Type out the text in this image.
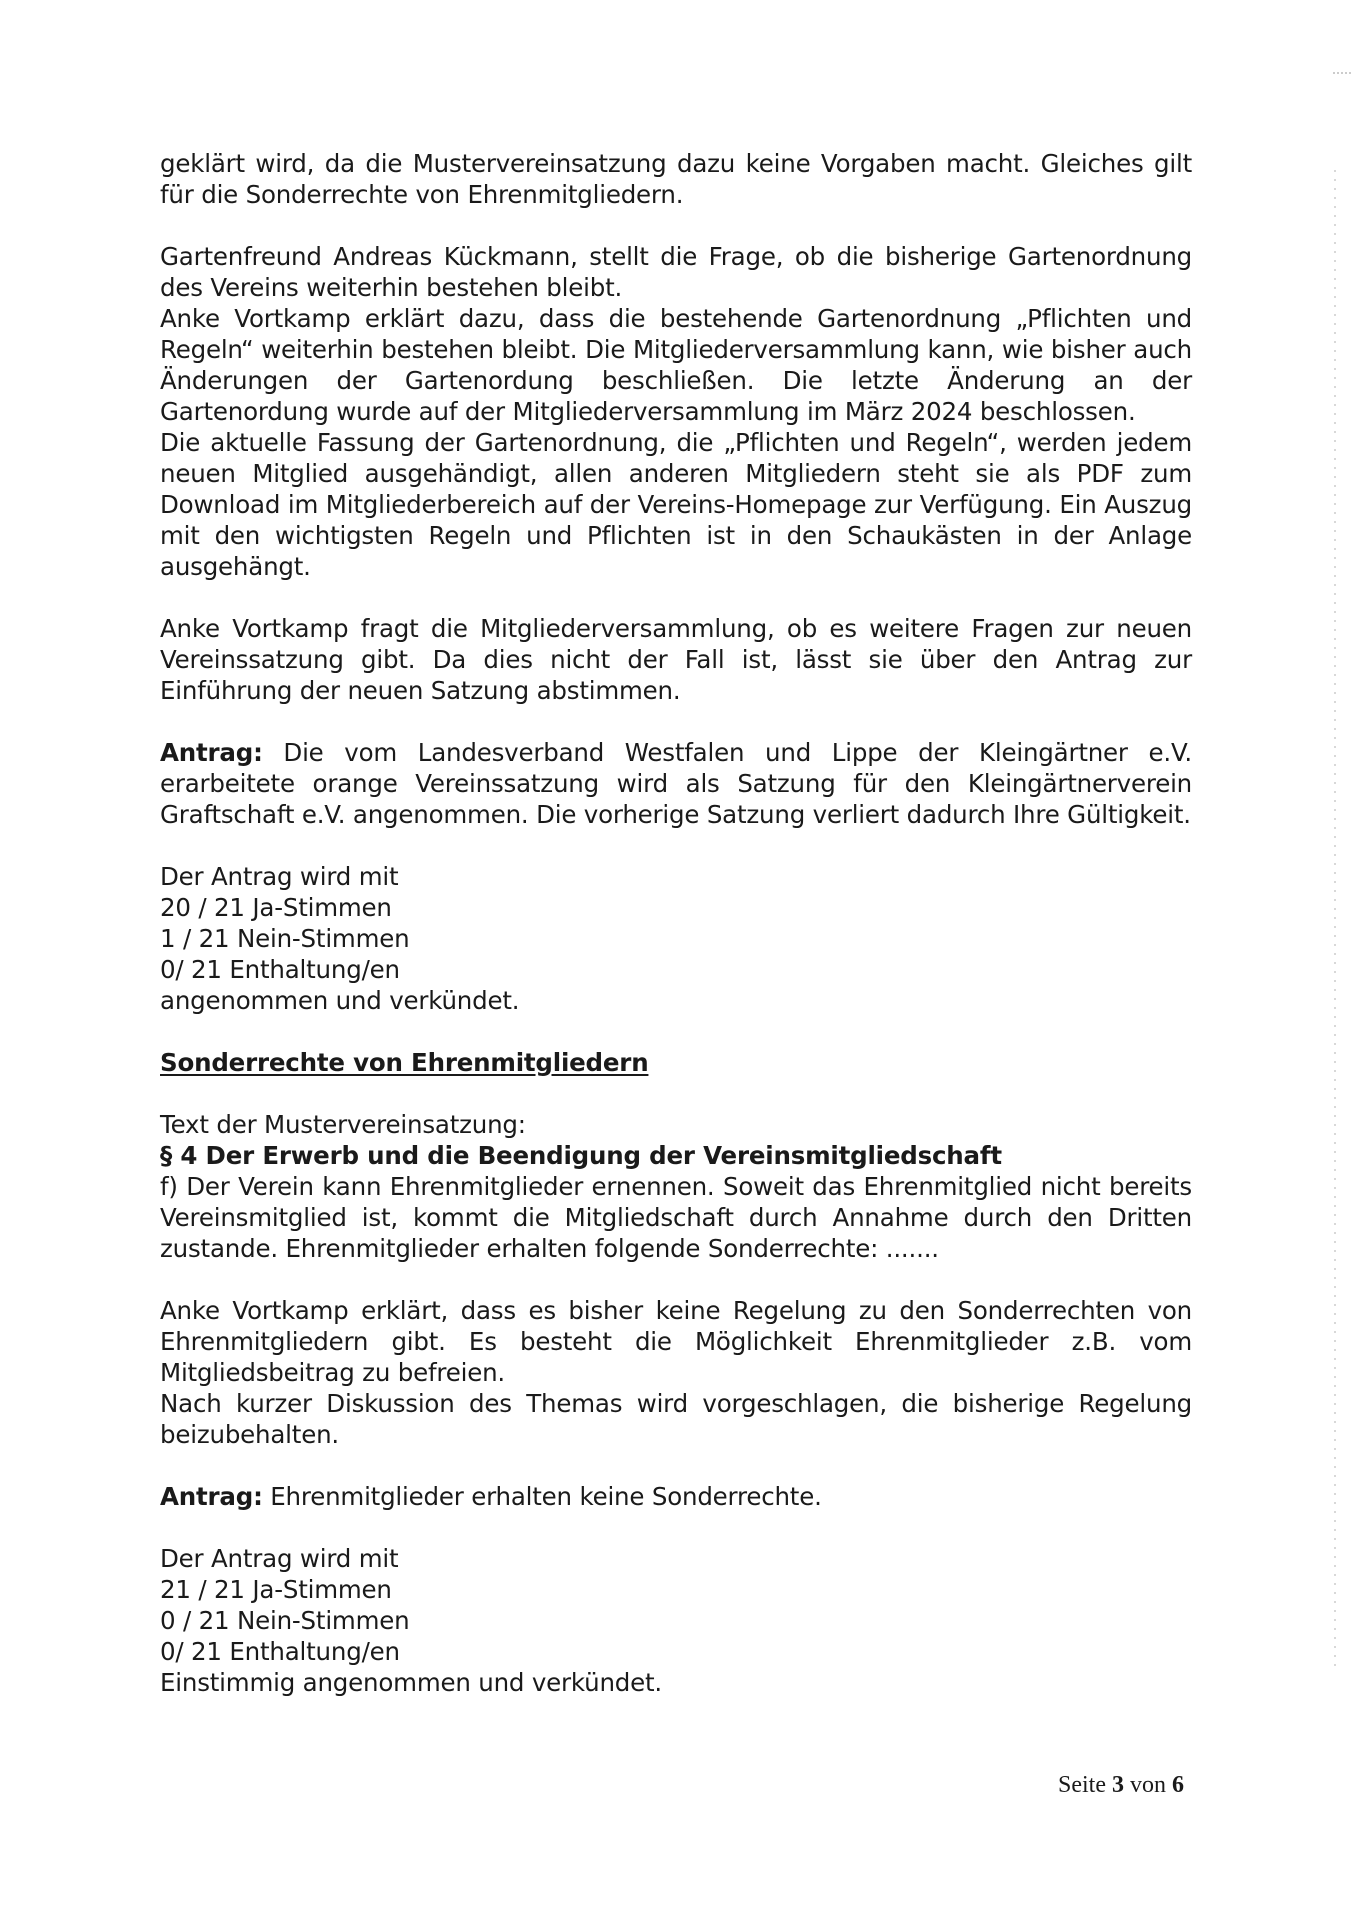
geklärt wird, da die Mustervereinsatzung dazu keine Vorgaben macht. Gleiches gilt für die Sonderrechte von Ehrenmitgliedern.

Gartenfreund Andreas Kückmann, stellt die Frage, ob die bisherige Gartenordnung des Vereins weiterhin bestehen bleibt.

Anke Vortkamp erklärt dazu, dass die bestehende Gartenordnung „Pflichten und Regeln“ weiterhin bestehen bleibt. Die Mitgliederversammlung kann, wie bisher auch Änderungen der Gartenordung beschließen. Die letzte Änderung an der Gartenordung wurde auf der Mitgliederversammlung im März 2024 beschlossen.

Die aktuelle Fassung der Gartenordnung, die „Pflichten und Regeln“, werden jedem neuen Mitglied ausgehändigt, allen anderen Mitgliedern steht sie als PDF zum Download im Mitgliederbereich auf der Vereins-Homepage zur Verfügung. Ein Auszug mit den wichtigsten Regeln und Pflichten ist in den Schaukästen in der Anlage ausgehängt.

Anke Vortkamp fragt die Mitgliederversammlung, ob es weitere Fragen zur neuen Vereinssatzung gibt. Da dies nicht der Fall ist, lässt sie über den Antrag zur Einführung der neuen Satzung abstimmen.

Antrag: Die vom Landesverband Westfalen und Lippe der Kleingärtner e.V. erarbeitete orange Vereinssatzung wird als Satzung für den Kleingärtnerverein Graftschaft e.V. angenommen. Die vorherige Satzung verliert dadurch Ihre Gültigkeit.

Der Antrag wird mit

20 / 21 Ja-Stimmen

1 / 21 Nein-Stimmen

0/ 21 Enthaltung/en

angenommen und verkündet.

Sonderrechte von Ehrenmitgliedern

Text der Mustervereinsatzung:

§ 4 Der Erwerb und die Beendigung der Vereinsmitgliedschaft

f) Der Verein kann Ehrenmitglieder ernennen. Soweit das Ehrenmitglied nicht bereits Vereinsmitglied ist, kommt die Mitgliedschaft durch Annahme durch den Dritten zustande. Ehrenmitglieder erhalten folgende Sonderrechte: .......

Anke Vortkamp erklärt, dass es bisher keine Regelung zu den Sonderrechten von Ehrenmitgliedern gibt. Es besteht die Möglichkeit Ehrenmitglieder z.B. vom Mitgliedsbeitrag zu befreien.

Nach kurzer Diskussion des Themas wird vorgeschlagen, die bisherige Regelung beizubehalten.

Antrag: Ehrenmitglieder erhalten keine Sonderrechte.

Der Antrag wird mit

21 / 21 Ja-Stimmen

0 / 21 Nein-Stimmen

0/ 21 Enthaltung/en

Einstimmig angenommen und verkündet.

Seite 3 von 6
